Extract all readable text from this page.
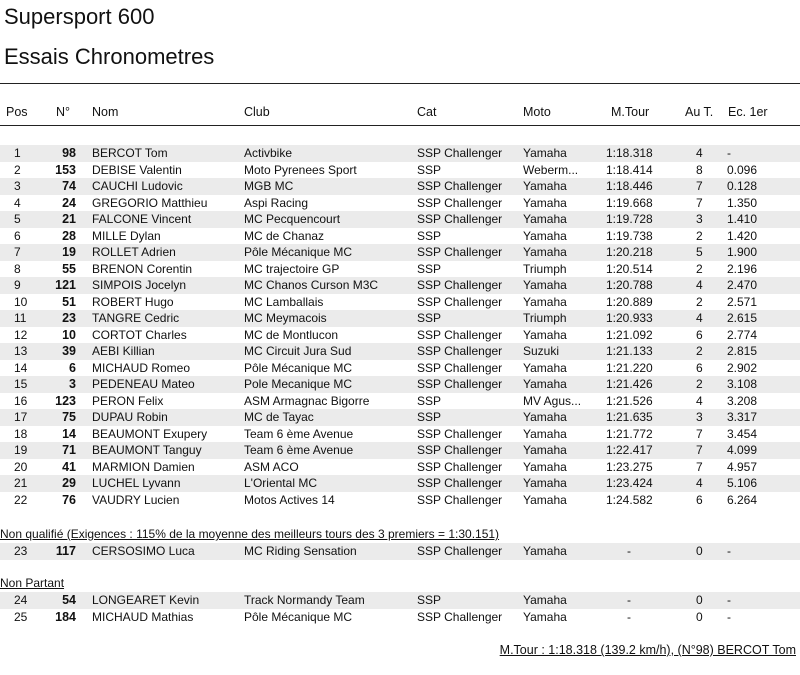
Supersport 600
Essais Chronometres
Pos N° Nom	Club	Cat	Moto	M.Tour	Au T. Ec. 1er
1	98 BERCOT Tom	Activbike	SSP Challenger Yamaha	1:18.318	4 -
2	153 DEBISE Valentin	Moto Pyrenees Sport	SSP	Weberm... 1:18.414	8 0.096
3	74 CAUCHI Ludovic	MGB MC	SSP Challenger Yamaha	1:18.446	7 0.128
4	24 GREGORIO Matthieu	Aspi Racing	SSP Challenger Yamaha	1:19.668	7 1.350
5	21 FALCONE Vincent	MC Pecquencourt	SSP Challenger Yamaha	1:19.728	3 1.410
6	28 MILLE Dylan	MC de Chanaz	SSP	Yamaha	1:19.738	2 1.420
7	19 ROLLET Adrien	Pôle Mécanique MC	SSP Challenger Yamaha	1:20.218	5 1.900
8	55 BRENON Corentin	MC trajectoire GP	SSP	Triumph	1:20.514	2 2.196
9	121 SIMPOIS Jocelyn	MC Chanos Curson M3C	SSP Challenger Yamaha	1:20.788	4 2.470
10	51 ROBERT Hugo	MC Lamballais	SSP Challenger Yamaha	1:20.889	2 2.571
11	23 TANGRE Cedric	MC Meymacois	SSP	Triumph	1:20.933	4 2.615
12	10 CORTOT Charles	MC de Montlucon	SSP Challenger Yamaha	1:21.092	6 2.774
13	39 AEBI Killian	MC Circuit Jura Sud	SSP Challenger Suzuki	1:21.133	2 2.815
14	6 MICHAUD Romeo	Pôle Mécanique MC	SSP Challenger Yamaha	1:21.220	6 2.902
15	3 PEDENEAU Mateo	Pole Mecanique MC	SSP Challenger Yamaha	1:21.426	2 3.108
16 123 PERON Felix	ASM Armagnac Bigorre	SSP	MV Agus... 1:21.526	4 3.208
17	75 DUPAU Robin	MC de Tayac	SSP	Yamaha	1:21.635	3 3.317
18	14 BEAUMONT Exupery	Team 6 ème Avenue	SSP Challenger Yamaha	1:21.772	7 3.454
19	71 BEAUMONT Tanguy	Team 6 ème Avenue	SSP Challenger Yamaha	1:22.417	7 4.099
20	41 MARMION Damien	ASM ACO	SSP Challenger Yamaha	1:23.275	7 4.957
21	29 LUCHEL Lyvann	L'Oriental MC	SSP Challenger Yamaha	1:23.424	4 5.106
22	76 VAUDRY Lucien	Motos Actives 14	SSP Challenger Yamaha	1:24.582	6 6.264
Non qualifié (Exigences : 115% de la moyenne des meilleurs tours des 3 premiers = 1:30.151)
23	117 CERSOSIMO Luca	MC Riding Sensation	SSP Challenger Yamaha	-	0 -
Non Partant
24	54 LONGEARET Kevin	Track Normandy Team	SSP	Yamaha	-	0 -
25 184 MICHAUD Mathias	Pôle Mécanique MC	SSP Challenger Yamaha	-	0 -
M.Tour : 1:18.318 (139.2 km/h), (N°98) BERCOT Tom
